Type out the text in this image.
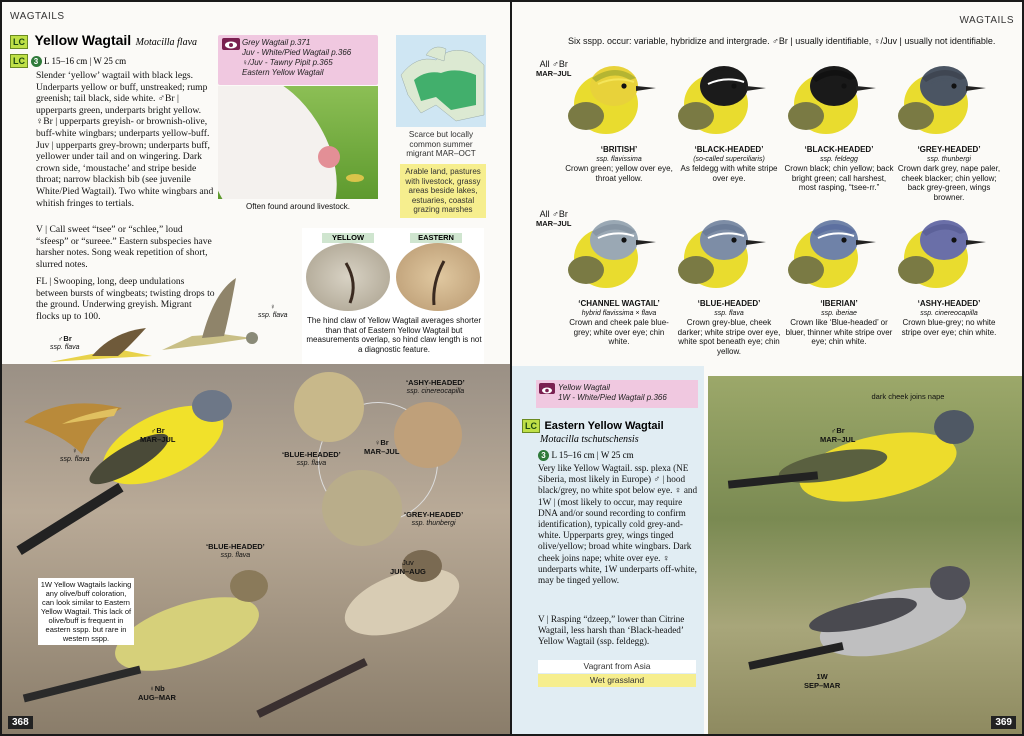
WAGTAILS
LC Yellow Wagtail Motacilla flava
LC 3 L 15–16 cm | W 25 cm
Slender ‘yellow’ wagtail with black legs. Underparts yellow or buff, unstreaked; rump greenish; tail black, side white. ♂Br | upperparts green, underparts bright yellow. ♀Br | upperparts greyish- or brownish-olive, buff-white wingbars; underparts yellow-buff. Juv | upperparts grey-brown; underparts buff, yellower under tail and on wingering. Dark crown side, ‘moustache’ and stripe beside throat; narrow blackish bib (see juvenile White/Pied Wagtail). Two white wingbars and whitish fringes to tertials.
V | Call sweet “tsee” or “schlee,” loud “sfeesp” or “sureee.” Eastern subspecies have harsher notes. Song weak repetition of short, slurred notes.
FL | Swooping, long, deep undulations between bursts of wingbeats; twisting drops to the ground. Underwing greyish. Migrant flocks up to 100.
Grey Wagtail p.371
Juv - White/Pied Wagtail p.366
♀/Juv - Tawny Pipit p.365
Eastern Yellow Wagtail
Often found around livestock.
Scarce but locally common summer migrant MAR–OCT
Arable land, pastures with livestock, grassy areas beside lakes, estuaries, coastal grazing marshes
YELLOW	EASTERN
The hind claw of Yellow Wagtail averages shorter than that of Eastern Yellow Wagtail but measurements overlap, so hind claw length is not a diagnostic feature.
♀
ssp. flava
♂Br
ssp. flava
♀
ssp. flava
♂Br
MAR–JUL
‘ASHY-HEADED’
ssp. cinereocapilla
‘BLUE-HEADED’
ssp. flava
♀Br
MAR–JUL
‘GREY-HEADED’
ssp. thunbergi
‘BLUE-HEADED’
ssp. flava
♀Nb
AUG–MAR
Juv
JUN–AUG
1W Yellow Wagtails lacking any olive/buff coloration, can look similar to Eastern Yellow Wagtail. This lack of olive/buff is frequent in eastern sspp. but rare in western sspp.
368
WAGTAILS
Six sspp. occur: variable, hybridize and intergrade. ♂Br | usually identifiable, ♀/Juv | usually not identifiable.
All ♂Br
MAR–JUL
All ♂Br
MAR–JUL
‘BRITISH’
ssp. flavissima
Crown green; yellow over eye, throat yellow.
‘BLACK-HEADED’
(so-called superciliaris)
As feldegg with white stripe over eye.
‘BLACK-HEADED’
ssp. feldegg
Crown black; chin yellow; back bright green; call harshest, most rasping, “tsee-rr.”
‘GREY-HEADED’
ssp. thunbergi
Crown dark grey, nape paler, cheek blacker; chin yellow; back grey-green, wings browner.
‘CHANNEL WAGTAIL’
hybrid flavissima × flava
Crown and cheek pale blue-grey; white over eye; chin white.
‘BLUE-HEADED’
ssp. flava
Crown grey-blue, cheek darker; white stripe over eye, white spot beneath eye; chin yellow.
‘IBERIAN’
ssp. iberiae
Crown like ‘Blue-headed’ or bluer, thinner white stripe over eye; chin white.
‘ASHY-HEADED’
ssp. cinereocapilla
Crown blue-grey; no white stripe over eye; chin white.
Yellow Wagtail
1W - White/Pied Wagtail p.366
LC Eastern Yellow Wagtail
Motacilla tschutschensis
3 L 15–16 cm | W 25 cm
Very like Yellow Wagtail. ssp. plexa (NE Siberia, most likely in Europe) ♂ | hood black/grey, no white spot below eye. ♀ and 1W | (most likely to occur, may require DNA and/or sound recording to confirm identification), typically cold grey-and-white. Upperparts grey, wings tinged olive/yellow; broad white wingbars. Dark cheek joins nape; white over eye. ♀ underparts white, 1W underparts off-white, may be tinged yellow.
V | Rasping “dzeep,” lower than Citrine Wagtail, less harsh than ‘Black-headed’ Yellow Wagtail (ssp. feldegg).
Vagrant from Asia
Wet grassland
dark cheek joins nape
♂Br
MAR–JUL
1W
SEP–MAR
369
